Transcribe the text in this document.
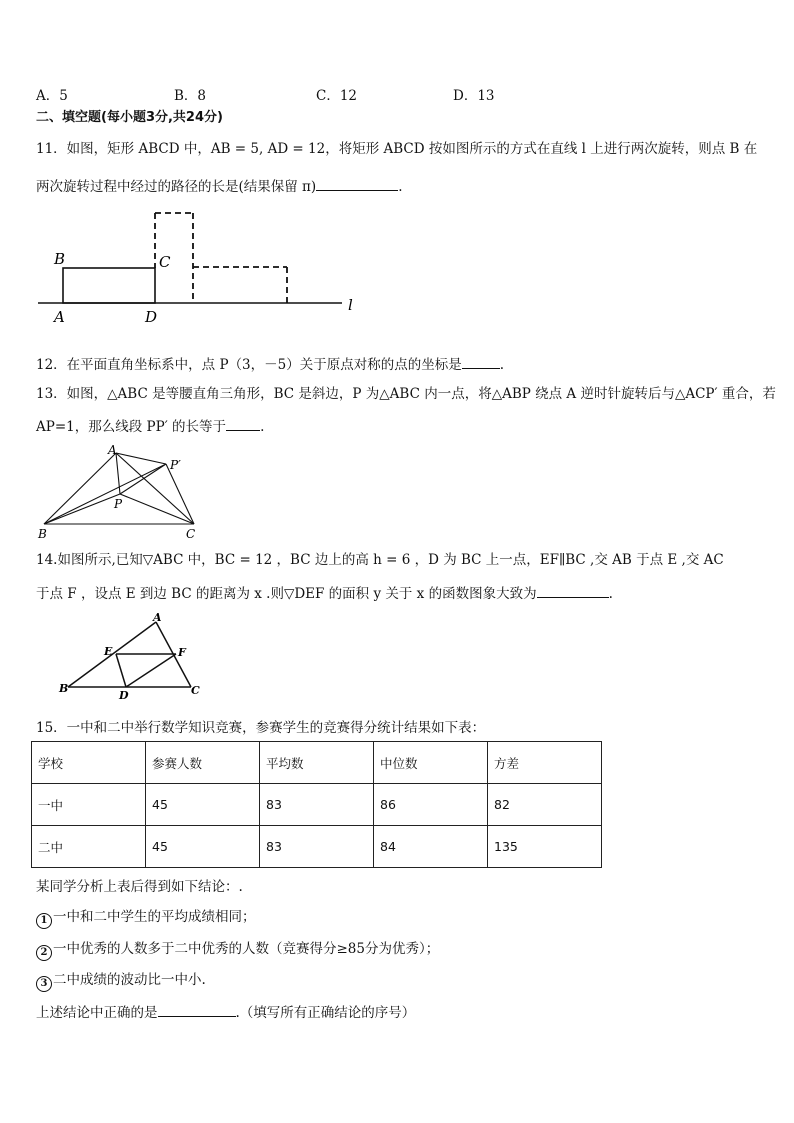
A．5	B．8	C．12	D．13
二、填空题(每小题3分,共24分)
11．如图，矩形 ABCD 中，AB = 5, AD = 12，将矩形 ABCD 按如图所示的方式在直线 l 上进行两次旋转，则点 B 在
两次旋转过程中经过的路径的长是(结果保留 π)	.
B	C
A	D
l
12．在平面直角坐标系中，点 P（3，－5）关于原点对称的点的坐标是	.
13．如图，△ABC 是等腰直角三角形，BC 是斜边，P 为△ABC 内一点，将△ABP 绕点 A 逆时针旋转后与△ACP′ 重合，若
AP=1，那么线段 PP′ 的长等于	.
A
P′
P
B	C
14.如图所示,已知▽ABC 中，BC = 12 ，BC 边上的高 h = 6 ，D 为 BC 上一点，EF∥BC ,交 AB 于点 E ,交 AC
于点 F ，设点 E 到边 BC 的距离为 x .则▽DEF 的面积 y 关于 x 的函数图象大致为	.
A
E	F
B
D	C
15．一中和二中举行数学知识竞赛，参赛学生的竞赛得分统计结果如下表：
学校	参赛人数	平均数	中位数	方差
一中	45	83	86	82
二中	45	83	84	135
某同学分析上表后得到如下结论：.
1 一中和二中学生的平均成绩相同；
2 一中优秀的人数多于二中优秀的人数（竞赛得分≥85分为优秀）；
3 二中成绩的波动比一中小.
上述结论中正确的是	.（填写所有正确结论的序号）
